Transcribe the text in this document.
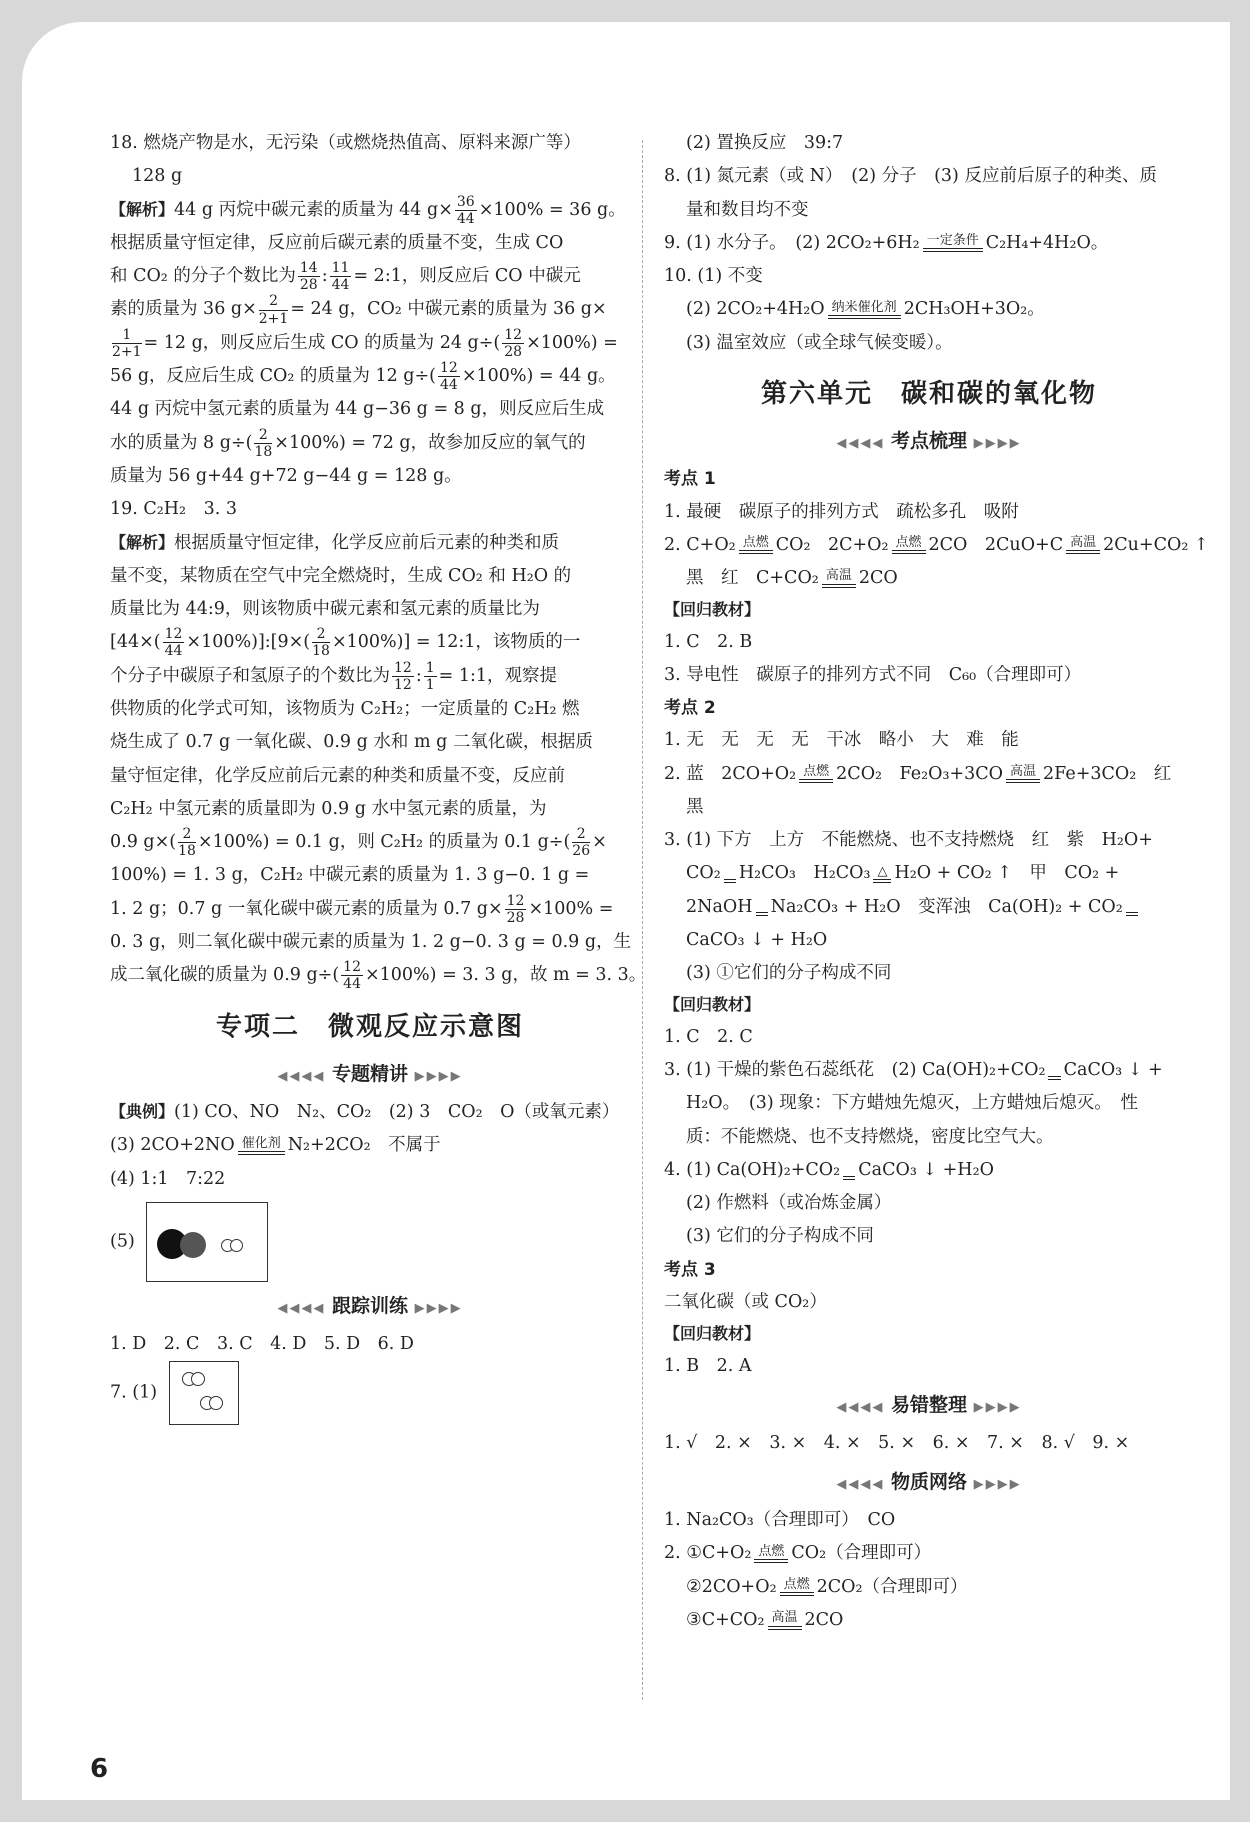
18. 燃烧产物是水，无污染（或燃烧热值高、原料来源广等）
128 g
【解析】44 g 丙烷中碳元素的质量为 44 $g\times \frac{36}{44} \times 100\% = 36$ g。
根据质量守恒定律，反应前后碳元素的质量不变，生成 CO
和 CO₂ 的分子个数比为 $\frac{14}{28}$ : $\frac{11}{44}$ = 2:1，则反应后 CO 中碳元
素的质量为 36 $g\times \frac{2}{2+1} = 24$ g，CO₂ 中碳元素的质量为 36 g×
$\frac{1}{2+1} = 12$ g，则反应后生成 CO 的质量为 24 $g\div( \frac{12}{28} \times 100\%)$ =
56 g，反应后生成 CO₂ 的质量为 12 $g\div( \frac{12}{44} \times 100\%) = 44$ g。
44 g 丙烷中氢元素的质量为 44 g−36 g = 8 g，则反应后生成
水的质量为 8 $g\div( \frac{2}{18} \times 100\%) = 72$ g，故参加反应的氧气的
质量为 56 g+44 g+72 g−44 g = 128 g。
19. C₂H₂　3. 3
【解析】根据质量守恒定律，化学反应前后元素的种类和质
量不变，某物质在空气中完全燃烧时，生成 CO₂ 和 H₂O 的
质量比为 44:9，则该物质中碳元素和氢元素的质量比为
[$44\times( \frac{12}{44}$ ×100%)]:[9×( $\frac{2}{18} \times 100\%$)] = 12:1，该物质的一
个分子中碳原子和氢原子的个数比为 $\frac{12}{12}$ : $\frac{1}{1}$ = 1:1，观察提
供物质的化学式可知，该物质为 C₂H₂；一定质量的 C₂H₂ 燃
烧生成了 0.7 g 一氧化碳、0.9 g 水和 m g 二氧化碳，根据质
量守恒定律，化学反应前后元素的种类和质量不变，反应前
C₂H₂ 中氢元素的质量即为 0.9 g 水中氢元素的质量，为
0.9 $g\times( \frac{2}{18} \times 100\%) = 0.1$ g，则 C₂H₂ 的质量为 0.1 $g\div( \frac{2}{26}$ ×
100%) = 1. 3 g，C₂H₂ 中碳元素的质量为 1. 3 g−0. 1 g =
1. 2 g；0.7 g 一氧化碳中碳元素的质量为 0.7 $g\times \frac{12}{28} \times 100\%$ =
0. 3 g，则二氧化碳中碳元素的质量为 1. 2 g−0. 3 g = 0.9 g，生
成二氧化碳的质量为 0.9 $g\div( \frac{12}{44} \times 100\%) = 3$. 3 g，故 m = 3. 3。
专项二　微观反应示意图
◀◀◀◀ 专题精讲 ▶▶▶▶
【典例】(1) CO、NO　N₂、CO₂　(2) 3　CO₂　O（或氧元素）
(3) 2CO+2NO 催化剂 N₂+2CO₂　不属于
(4) 1:1　7:22
(5)
◀◀◀◀ 跟踪训练 ▶▶▶▶
1. D　2. C　3. C　4. D　5. D　6. D
7. (1)
(2) 置换反应　39:7
8. (1) 氮元素（或 N）　(2) 分子　(3) 反应前后原子的种类、质
量和数目均不变
9. (1) 水分子。　(2) 2CO₂+6H₂ 一定条件 C₂H₄+4H₂O。
10. (1) 不变
(2) 2CO₂+4H₂O 纳米催化剂 2CH₃OH+3O₂。
(3) 温室效应（或全球气候变暖）。
第六单元　碳和碳的氧化物
◀◀◀◀ 考点梳理 ▶▶▶▶
考点 1
1. 最硬　碳原子的排列方式　疏松多孔　吸附
2. C+O₂ 点燃 CO₂　2C+O₂ 点燃 2CO　2CuO+C 高温 2Cu+CO₂ ↑
黑　红　C+CO₂ 高温 2CO
【回归教材】
1. C　2. B
3. 导电性　碳原子的排列方式不同　C₆₀（合理即可）
考点 2
1. 无　无　无　无　干冰　略小　大　难　能
2. 蓝　2CO+O₂ 点燃 2CO₂　Fe₂O₃+3CO 高温 2Fe+3CO₂　红
黑
3. (1) 下方　上方　不能燃烧、也不支持燃烧　红　紫　H₂O+
CO₂
H₂CO₃　H₂CO₃ △ H₂O + CO₂ ↑　甲　CO₂ +
2NaOH
Na₂CO₃ + H₂O　变浑浊　Ca(OH)₂ + CO₂

CaCO₃ ↓ + H₂O
(3) ①它们的分子构成不同
【回归教材】
1. C　2. C
3. (1) 干燥的紫色石蕊纸花　(2) Ca(OH)₂+CO₂
CaCO₃ ↓ +
H₂O。　(3) 现象：下方蜡烛先熄灭，上方蜡烛后熄灭。　性
质：不能燃烧、也不支持燃烧，密度比空气大。
4. (1) Ca(OH)₂+CO₂
CaCO₃ ↓ +H₂O
(2) 作燃料（或冶炼金属）
(3) 它们的分子构成不同
考点 3
二氧化碳（或 CO₂）
【回归教材】
1. B　2. A
◀◀◀◀ 易错整理 ▶▶▶▶
1. √　2. ×　3. ×　4. ×　5. ×　6. ×　7. ×　8. √　9. ×
◀◀◀◀ 物质网络 ▶▶▶▶
1. Na₂CO₃（合理即可）　CO
2. ①C+O₂ 点燃 CO₂（合理即可）
②2CO+O₂ 点燃 2CO₂（合理即可）
③C+CO₂ 高温 2CO
6
